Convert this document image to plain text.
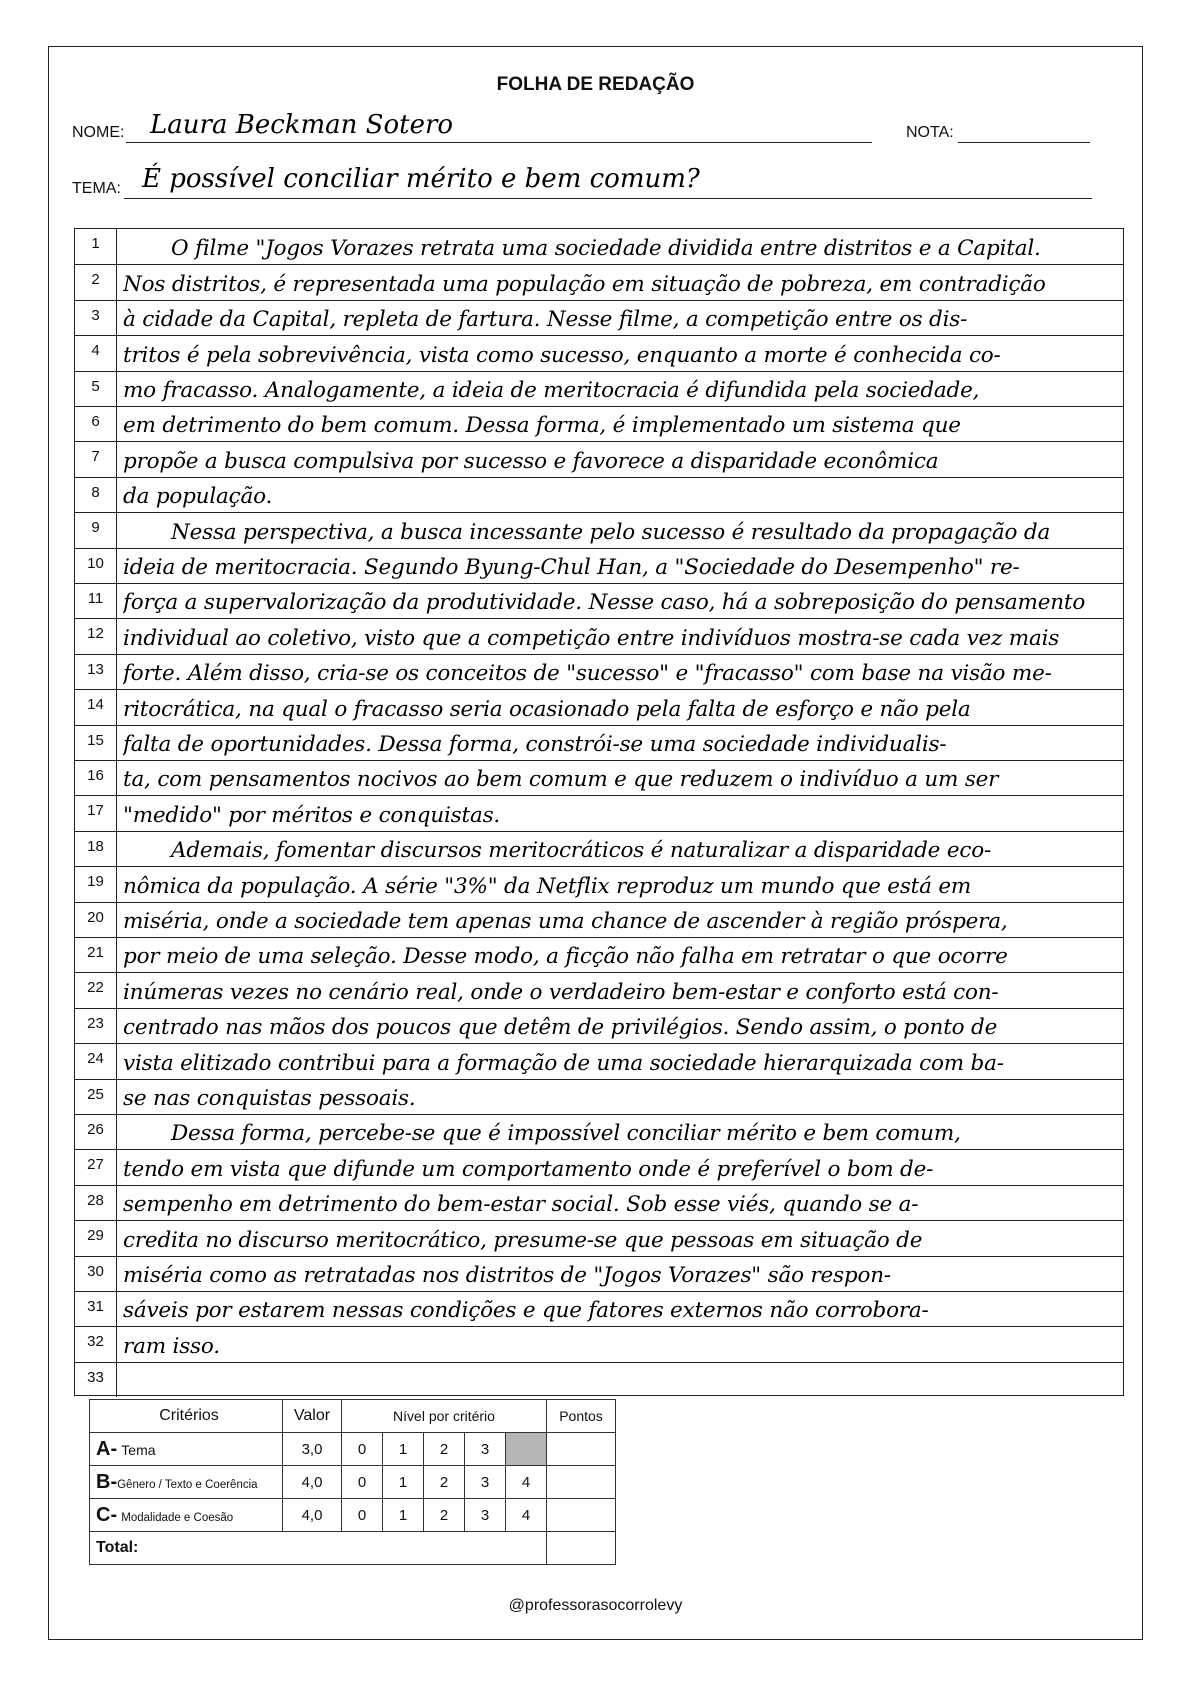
FOLHA DE REDAÇÃO
NOME: Laura Beckman Sotero	NOTA:
TEMA: É possível conciliar mérito e bem comum?
1	O filme "Jogos Vorazes retrata uma sociedade dividida entre distritos e a Capital.
2	Nos distritos, é representada uma população em situação de pobreza, em contradição
3	à cidade da Capital, repleta de fartura. Nesse filme, a competição entre os dis-
4	tritos é pela sobrevivência, vista como sucesso, enquanto a morte é conhecida co-
5	mo fracasso. Analogamente, a ideia de meritocracia é difundida pela sociedade,
6	em detrimento do bem comum. Dessa forma, é implementado um sistema que
7	propõe a busca compulsiva por sucesso e favorece a disparidade econômica
8	da população.
9	Nessa perspectiva, a busca incessante pelo sucesso é resultado da propagação da
10 ideia de meritocracia. Segundo Byung-Chul Han, a "Sociedade do Desempenho" re-
11 força a supervalorização da produtividade. Nesse caso, há a sobreposição do pensamento
12 individual ao coletivo, visto que a competição entre indivíduos mostra-se cada vez mais
13 forte. Além disso, cria-se os conceitos de "sucesso" e "fracasso" com base na visão me-
14 ritocrática, na qual o fracasso seria ocasionado pela falta de esforço e não pela
15 falta de oportunidades. Dessa forma, constrói-se uma sociedade individualis-
16 ta, com pensamentos nocivos ao bem comum e que reduzem o indivíduo a um ser
17 "medido" por méritos e conquistas.
18	Ademais, fomentar discursos meritocráticos é naturalizar a disparidade eco-
19 nômica da população. A série "3%" da Netflix reproduz um mundo que está em
20 miséria, onde a sociedade tem apenas uma chance de ascender à região próspera,
21 por meio de uma seleção. Desse modo, a ficção não falha em retratar o que ocorre
22 inúmeras vezes no cenário real, onde o verdadeiro bem-estar e conforto está con-
23 centrado nas mãos dos poucos que detêm de privilégios. Sendo assim, o ponto de
24 vista elitizado contribui para a formação de uma sociedade hierarquizada com ba-
25 se nas conquistas pessoais.
26	Dessa forma, percebe-se que é impossível conciliar mérito e bem comum,
27 tendo em vista que difunde um comportamento onde é preferível o bom de-
28 sempenho em detrimento do bem-estar social. Sob esse viés, quando se a-
29 credita no discurso meritocrático, presume-se que pessoas em situação de
30 miséria como as retratadas nos distritos de "Jogos Vorazes" são respon-
31 sáveis por estarem nessas condições e que fatores externos não corrobora-
32 ram isso.
33
Critérios	Valor	Nível por critério					Pontos
A- Tema	3,0	0	1	2	3		
B-Gênero / Texto e Coerência	4,0	0	1	2	3	4	
C- Modalidade e Coesão	4,0	0	1	2	3	4	
Total:							
@professorasocorrolevy
